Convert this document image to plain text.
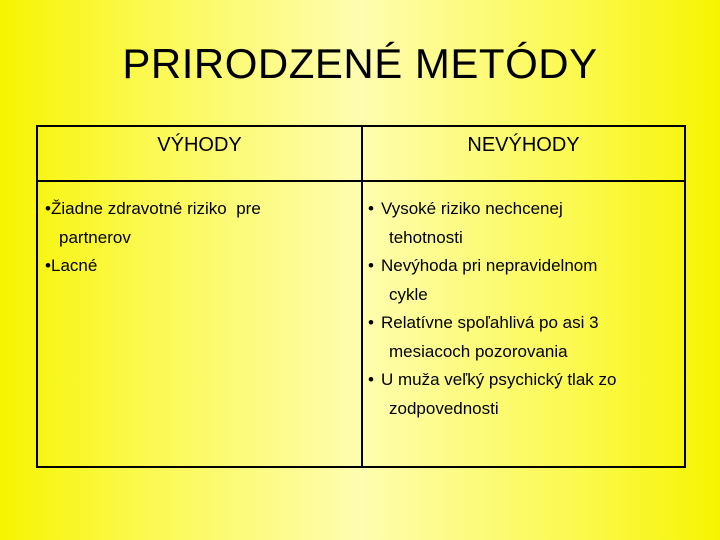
PRIRODZENÉ METÓDY
VÝHODY	NEVÝHODY
• Žiadne zdravotné riziko  pre
partnerov
• Lacné
• Vysoké riziko nechcenej
tehotnosti
• Nevýhoda pri nepravidelnom
cykle
• Relatívne spoľahlivá po asi 3
mesiacoch pozorovania
• U muža veľký psychický tlak zo
zodpovednosti
